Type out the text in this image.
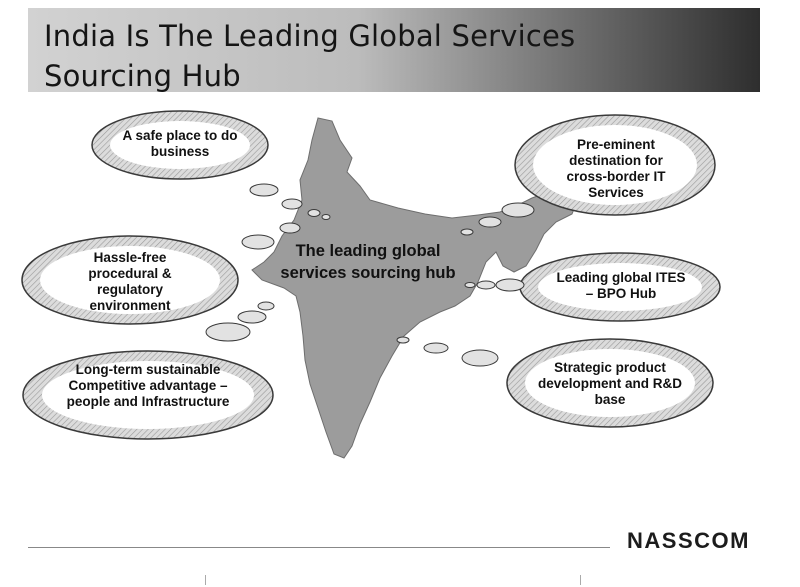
India Is The Leading Global Services Sourcing Hub
A safe place to do business
Hassle-free procedural & regulatory environment
Long-term sustainable Competitive advantage – people and Infrastructure
Pre-eminent destination for cross-border IT Services
Leading global ITES – BPO Hub
Strategic product development and R&D base
The leading global services sourcing hub
NASSCOM
